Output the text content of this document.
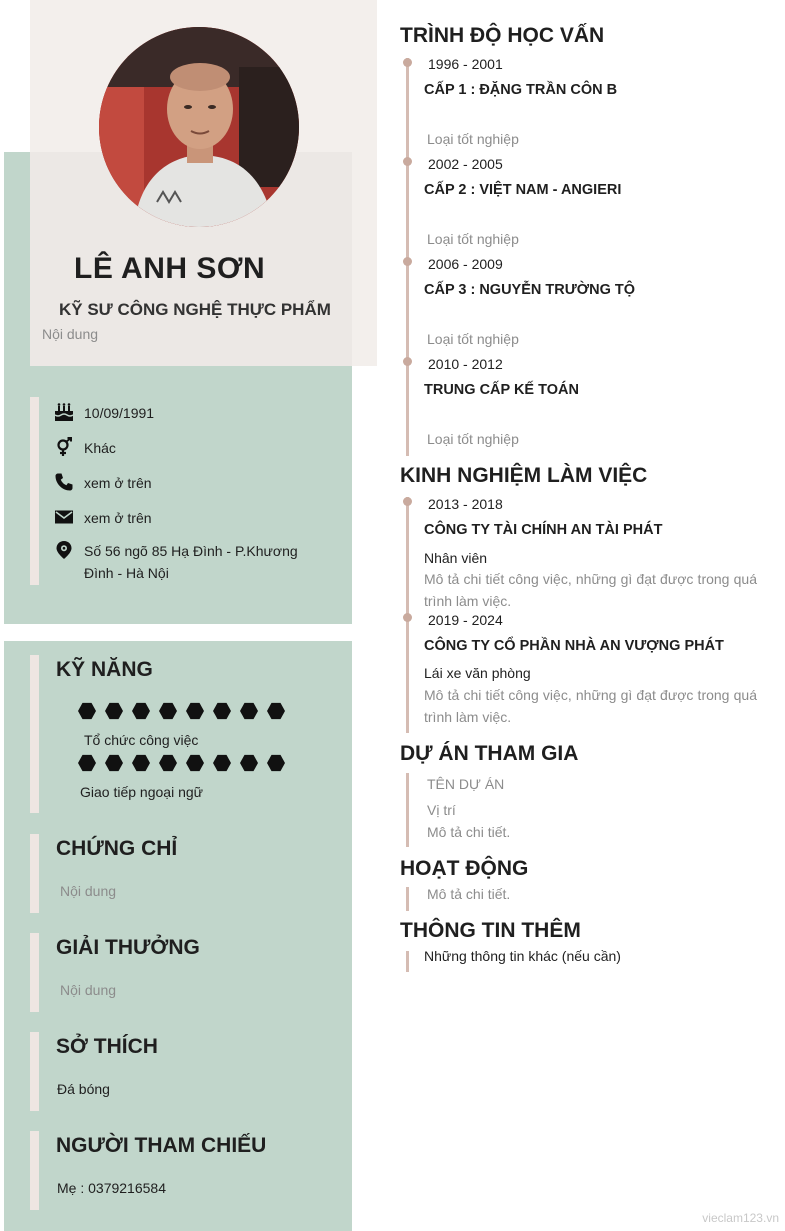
LÊ ANH SƠN
KỸ SƯ CÔNG NGHỆ THỰC PHẨM
Nội dung
10/09/1991
Khác
xem ở trên
xem ở trên
Số 56 ngõ 85 Hạ Đình - P.Khương
Đình - Hà Nội
KỸ NĂNG
Tổ chức công việc
Giao tiếp ngoại ngữ
CHỨNG CHỈ
Nội dung
GIẢI THƯỞNG
Nội dung
SỞ THÍCH
Đá bóng
NGƯỜI THAM CHIẾU
Mẹ : 0379216584
TRÌNH ĐỘ HỌC VẤN
1996 - 2001
CẤP 1 : ĐẶNG TRẦN CÔN B
Loại tốt nghiệp
2002 - 2005
CẤP 2 : VIỆT NAM - ANGIERI
Loại tốt nghiệp
2006 - 2009
CẤP 3 : NGUYỄN TRƯỜNG TỘ
Loại tốt nghiệp
2010 - 2012
TRUNG CẤP KẾ TOÁN
Loại tốt nghiệp
KINH NGHIỆM LÀM VIỆC
2013 - 2018
CÔNG TY TÀI CHÍNH AN TÀI PHÁT
Nhân viên
Mô tả chi tiết công việc, những gì đạt được trong quá trình làm việc.
2019 - 2024
CÔNG TY CỔ PHẦN NHÀ AN VƯỢNG PHÁT
Lái xe văn phòng
Mô tả chi tiết công việc, những gì đạt được trong quá trình làm việc.
DỰ ÁN THAM GIA
TÊN DỰ ÁN
Vị trí
Mô tả chi tiết.
HOẠT ĐỘNG
Mô tả chi tiết.
THÔNG TIN THÊM
Những thông tin khác (nếu cần)
vieclam123.vn
